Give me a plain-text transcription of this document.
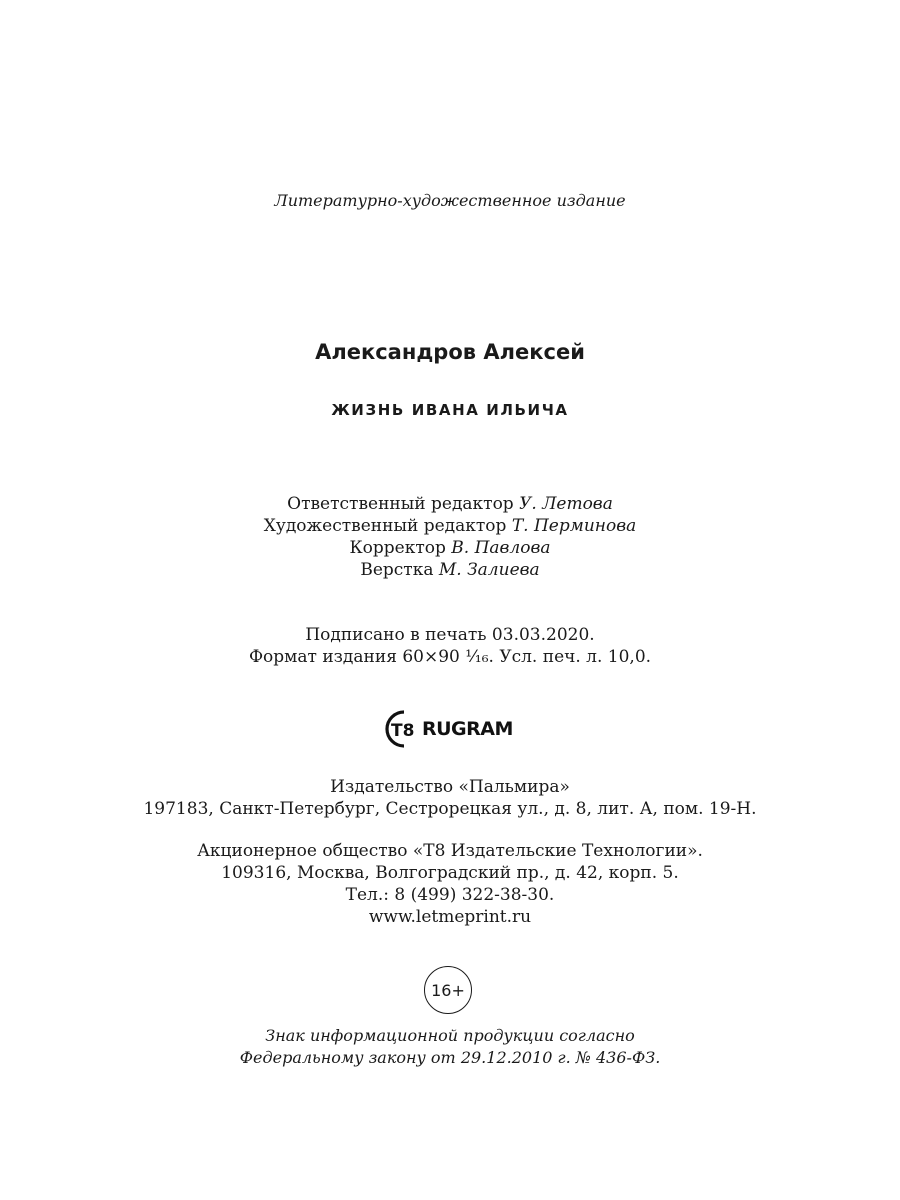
Литературно-художественное издание
Александров Алексей
ЖИЗНЬ ИВАНА ИЛЬИЧА
Ответственный редактор У. Летова
Художественный редактор Т. Перминова
Корректор В. Павлова
Верстка М. Залиева
Подписано в печать 03.03.2020.
Формат издания 60×90 ¹⁄₁₆. Усл. печ. л. 10,0.
T8 RUGRAM
Издательство «Пальмира»
197183, Санкт-Петербург, Сестрорецкая ул., д. 8, лит. А, пом. 19-Н.
Акционерное общество «Т8 Издательские Технологии».
109316, Москва, Волгоградский пр., д. 42, корп. 5.
Тел.: 8 (499) 322-38-30.
www.letmeprint.ru
16+
Знак информационной продукции согласно
Федеральному закону от 29.12.2010 г. № 436-ФЗ.
